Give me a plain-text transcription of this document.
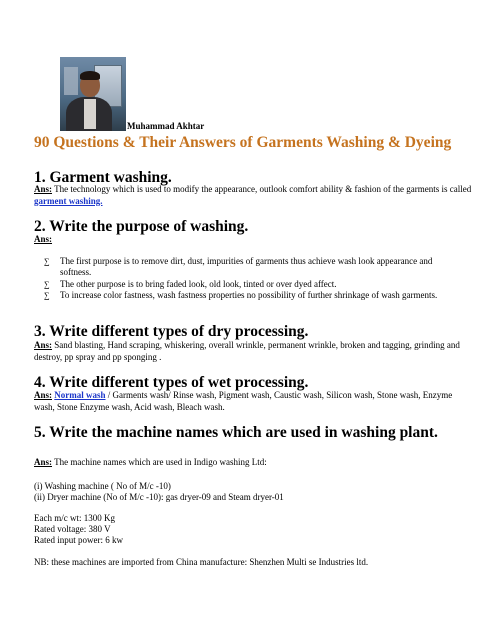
Muhammad Akhtar
90 Questions & Their Answers of Garments Washing & Dyeing
1. Garment washing.
Ans: The technology which is used to modify the appearance, outlook comfort ability & fashion of the garments is called garment washing.
2. Write the purpose of washing.
Ans:
∑ The first purpose is to remove dirt, dust, impurities of garments thus achieve wash look appearance and softness.
∑ The other purpose is to bring faded look, old look, tinted or over dyed affect.
∑ To increase color fastness, wash fastness properties no possibility of further shrinkage of wash garments.
3. Write different types of dry processing.
Ans: Sand blasting, Hand scraping, whiskering, overall wrinkle, permanent wrinkle, broken and tagging, grinding and destroy, pp spray and pp sponging .
4. Write different types of wet processing.
Ans: Normal wash / Garments wash/ Rinse wash, Pigment wash, Caustic wash, Silicon wash, Stone wash, Enzyme wash, Stone Enzyme wash, Acid wash, Bleach wash.
5. Write the machine names which are used in washing plant.
Ans: The machine names which are used in Indigo washing Ltd:
(i) Washing machine ( No of M/c -10)
(ii) Dryer machine (No of M/c -10): gas dryer-09 and Steam dryer-01
Each m/c wt: 1300 Kg
Rated voltage: 380 V
Rated input power: 6 kw
NB: these machines are imported from China manufacture: Shenzhen Multi se Industries ltd.
